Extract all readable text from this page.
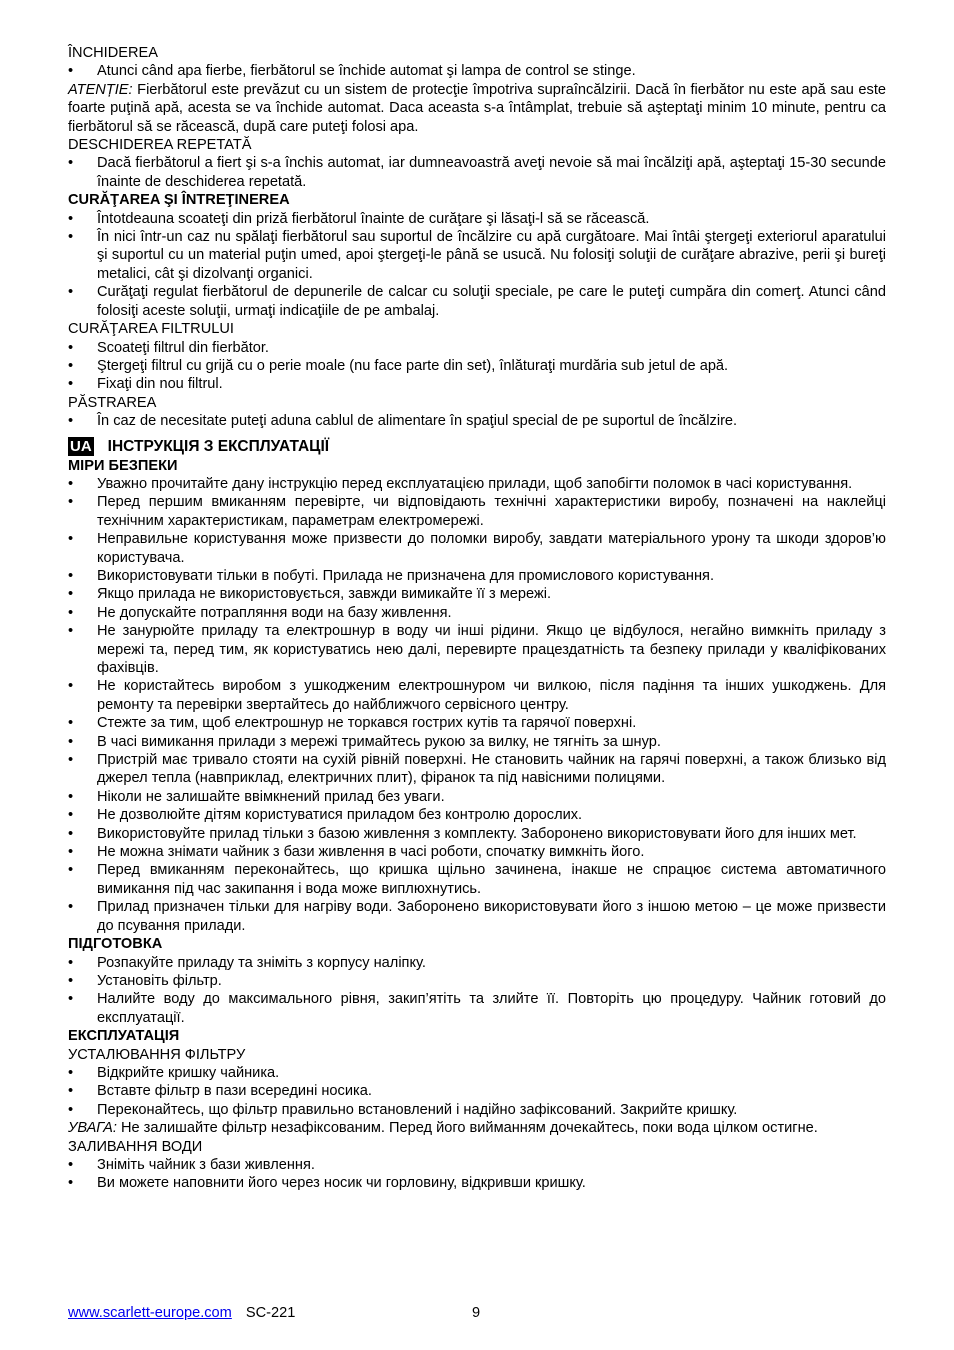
ÎNCHIDEREA
• Atunci când apa fierbe, fierbătorul se închide automat şi lampa de control se stinge.

ATENȚIE: Fierbătorul este prevăzut cu un sistem de protecţie împotriva supraîncălzirii. Dacă în fierbător nu este apă sau este foarte puţină apă, acesta se va închide automat. Daca aceasta s-a întâmplat, trebuie să aşteptaţi minim 10 minute, pentru ca fierbătorul să se răcească, după care puteţi folosi apa.

DESCHIDEREA REPETATĂ
• Dacă fierbătorul a fiert şi s-a închis automat, iar dumneavoastră aveţi nevoie să mai încălziţi apă, aşteptaţi 15-30 secunde înainte de deschiderea repetată.
CURĂŢAREA ŞI ÎNTREŢINEREA
• Întotdeauna scoateţi din priză fierbătorul înainte de curăţare şi lăsaţi-l să se răcească.
• În nici într-un caz nu spălaţi fierbătorul sau suportul de încălzire cu apă curgătoare. Mai întâi ştergeţi exteriorul aparatului şi suportul cu un material puţin umed, apoi ştergeţi-le până se usucă. Nu folosiţi soluţii de curăţare abrazive, perii şi bureţi metalici, cât şi dizolvanţi organici.
• Curăţaţi regulat fierbătorul de depunerile de calcar cu soluţii speciale, pe care le puteţi cumpăra din comerţ. Atunci când folosiţi aceste soluţii, urmaţi indicaţiile de pe ambalaj.
CURĂŢAREA FILTRULUI
• Scoateţi filtrul din fierbător.
• Ştergeţi filtrul cu grijă cu o perie moale (nu face parte din set), înlăturaţi murdăria sub jetul de apă.
• Fixaţi din nou filtrul.
PĂSTRAREA
• În caz de necesitate puteţi aduna cablul de alimentare în spaţiul special de pe suportul de încălzire.
UA ІНСТРУКЦІЯ З ЕКСПЛУАТАЦІЇ
МІРИ БЕЗПЕКИ
• Уважно прочитайте дану інструкцію перед експлуатацією прилади, щоб запобігти поломок в часі користування.
• Перед першим вмиканням перевірте, чи відповідають технічні характеристики виробу, позначені на наклейці технічним характеристикам, параметрам електромережі.
• Неправильне користування може призвести до поломки виробу, завдати матеріального урону та шкоди здоров’ю користувача.
• Використовувати тільки в побуті. Прилада не призначена для промислового користування.
• Якщо прилада не використовується, завжди вимикайте її з мережі.
• Не допускайте потрапляння води на базу живлення.
• Не занурюйте приладу та електрошнур в воду чи інші рідини. Якщо це відбулося, негайно вимкніть приладу з мережі та, перед тим, як користуватись нею далі, перевирте працездатність та безпеку прилади у кваліфікованих фахівців.
• Не користайтесь виробом з ушкодженим електрошнуром чи вилкою, після падіння та інших ушкоджень. Для ремонту та перевірки звертайтесь до найближчого сервісного центру.
• Стежте за тим, щоб електрошнур не торкався гострих кутів та гарячої поверхні.
• В часі вимикання прилади з мережі тримайтесь рукою за вилку, не тягніть за шнур.
• Пристрій має тривало стояти на сухій рівній поверхні. Не становить чайник на гарячі поверхні, а також близько від джерел тепла (навприклад, електричних плит), фіранок та під навісними полицями.
• Ніколи не залишайте ввімкнений прилад без уваги.
• Не дозволюйте дітям користуватися приладом без контролю дорослих.
• Використовуйте прилад тільки з базою живлення з комплекту. Заборонено використовувати його для інших мет.
• Не можна знімати чайник з бази живлення в часі роботи, спочатку вимкніть його.
• Перед вмиканням переконайтесь, що кришка щільно зачинена, інакше не спрацює система автоматичного вимикання під час закипання і вода може виплюхнутись.
• Прилад призначен тільки для нагріву води. Заборонено використовувати його з іншою метою – це може призвести до псування прилади.
ПІДГОТОВКА
• Розпакуйте приладу та зніміть з корпусу наліпку.
• Установіть фільтр.
• Налийте воду до максимального рівня, закип’ятіть та злийте її. Повторіть цю процедуру. Чайник готовий до експлуатації.
ЕКСПЛУАТАЦІЯ
УСТАЛЮВАННЯ ФІЛЬТРУ
• Відкрийте кришку чайника.
• Вставте фільтр в пази всередині носика.
• Переконайтесь, що фільтр правильно встановлений і надійно зафіксований. Закрийте кришку.

УВАГА: Не залишайте фільтр незафіксованим. Перед його вийманням дочекайтесь, поки вода цілком остигне.

ЗАЛИВАННЯ ВОДИ
• Зніміть чайник з бази живлення.
• Ви можете наповнити його через носик чи горловину, відкривши кришку.
www.scarlett-europe.com SC-221	9
